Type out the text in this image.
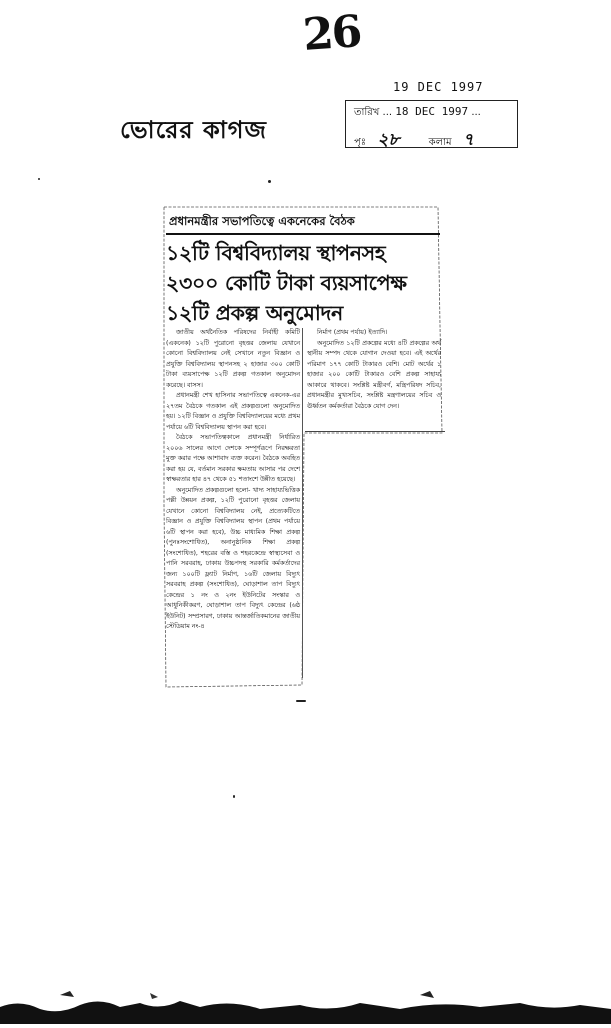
26
ভোরের কাগজ
19 DEC 1997
তারিখ ... 18 DEC 1997 ...
পৃঃ ২৮	কলাম ৭
প্রধানমন্ত্রীর সভাপতিত্বে একনেকের বৈঠক
১২টি বিশ্ববিদ্যালয় স্থাপনসহ
২৩০০ কোটি টাকা ব্যয়সাপেক্ষ
১২টি প্রকল্প অনুমোদন

জাতীয় অর্থনৈতিক পরিষদের নির্বাহী কমিটি (একনেক) ১২টি পুরোনো বৃহত্তর জেলায় যেখানে কোনো বিশ্ববিদ্যালয় নেই সেখানে নতুন বিজ্ঞান ও প্রযুক্তি বিশ্ববিদ্যালয় স্থাপনসহ ২ হাজার ৩০০ কোটি টাকা ব্যয়সাপেক্ষ ১২টি প্রকল্প গতকাল অনুমোদন করেছে। বাসস।

প্রধানমন্ত্রী শেখ হাসিনার সভাপতিত্বে একনেক-এর ২৭তম বৈঠকে গতকাল এই প্রকল্পগুলো অনুমোদিত হয়। ১২টি বিজ্ঞান ও প্রযুক্তি বিশ্ববিদ্যালয়ের মধ্যে প্রথম পর্যায়ে ৬টি বিশ্ববিদ্যালয় স্থাপন করা হবে।

বৈঠকে সভাপতিত্বকালে প্রধানমন্ত্রী নির্ধারিত ২০০৬ সালের আগে দেশকে সম্পূর্ণরূপে নিরক্ষরতা মুক্ত করার পক্ষে আশাবাদ ব্যক্ত করেন। বৈঠকে অবহিত করা হয় যে, বর্তমান সরকার ক্ষমতায় আসার পর দেশে স্বাক্ষরতার হার ৪৭ থেকে ৫১ শতাংশে উন্নীত হয়েছে।

অনুমোদিত প্রকল্পগুলো হলো- খাদ্য সাহায্যভিত্তিক পল্লী উন্নয়ন প্রকল্প, ১২টি পুরোনো বৃহত্তর জেলায় যেখানে কোনো বিশ্ববিদ্যালয় নেই, প্রত্যেকটিতে বিজ্ঞান ও প্রযুক্তি বিশ্ববিদ্যালয় স্থাপন (প্রথম পর্যায়ে ৬টি স্থাপন করা হবে), উচ্চ মাধ্যমিক শিক্ষা প্রকল্প (পুনঃসংশোধিত), অনানুষ্ঠানিক শিক্ষা প্রকল্প (সংশোধিত), শহরের বস্তি ও শহরকেন্দ্রে স্বাস্থ্যসেবা ও পানি সরবরাহ, ঢাকায় উচ্চপদস্থ সরকারি কর্মকর্তাদের জন্য ১০০টি ফ্ল্যাট নির্মাণ, ১৬টি জেলায় বিদ্যুৎ সরবরাহ প্রকল্প (সংশোধিত), ঘোড়াশাল তাপ বিদ্যুৎ কেন্দ্রের ১ নং ও ২নং ইউনিটের সংস্কার ও আধুনিকীকরণ, ঘোড়াশাল তাপ বিদ্যুৎ কেন্দ্রের (৬ষ্ঠ ইউনিট) সম্প্রসারণ, ঢাকায় আন্তর্জাতিকমানের জাতীয় স্টেডিয়াম নং-৪

নির্মাণ (প্রথম পর্যায়) ইত্যাদি।

অনুমোদিত ১২টি প্রকল্পের মধ্যে ৪টি প্রকল্পের অর্থ স্থানীয় সম্পদ থেকে যোগান দেওয়া হবে। এই অর্থের পরিমাণ ১৭৭ কোটি টাকারও বেশি। মোট অর্থের ১ হাজার ২০০ কোটি টাকারও বেশি প্রকল্প সাহায্য আকারে থাকবে। সংশ্লিষ্ট মন্ত্রীবর্গ, মন্ত্রিপরিষদ সচিব, প্রধানমন্ত্রীর মুখ্যসচিব, সংশ্লিষ্ট মন্ত্রণালয়ের সচিব ও ঊর্ধ্বতন কর্মকর্তারা বৈঠকে যোগ দেন।
